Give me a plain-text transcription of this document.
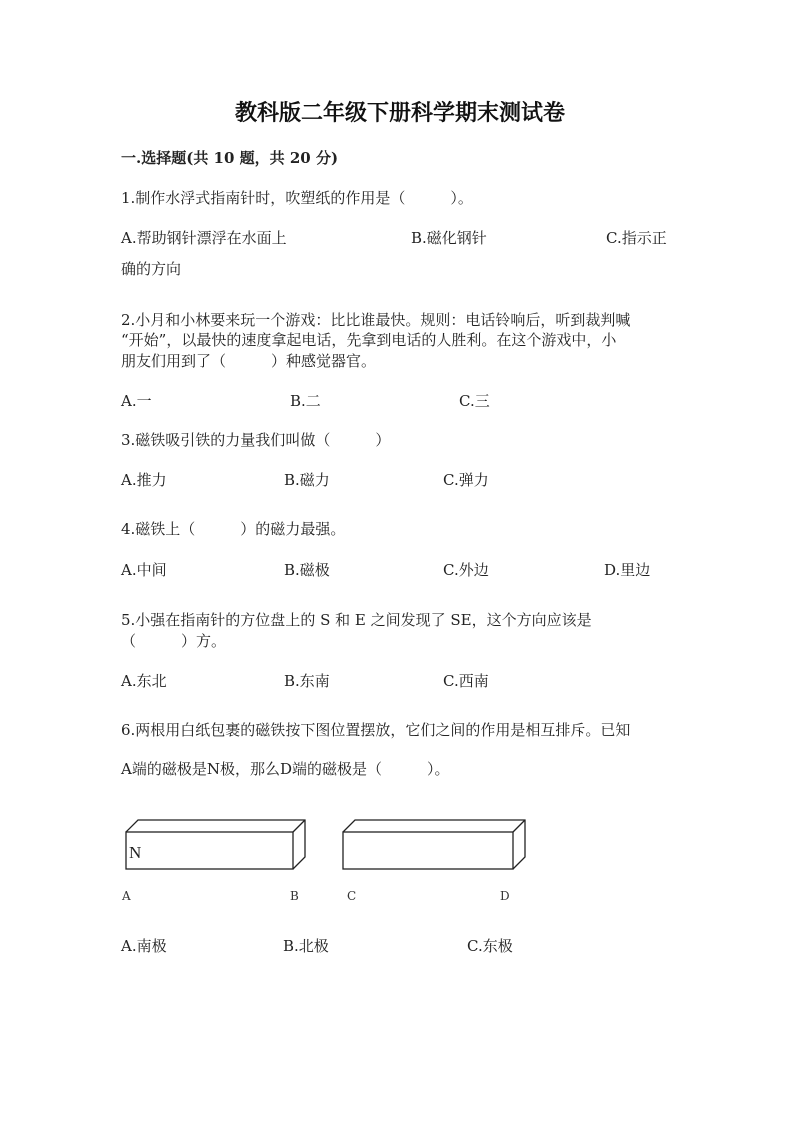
教科版二年级下册科学期末测试卷
一.选择题(共 10 题，共 20 分)
1.制作水浮式指南针时，吹塑纸的作用是（　　　）。
A.帮助钢针漂浮在水面上	B.磁化钢针	C.指示正
确的方向
2.小月和小林要来玩一个游戏：比比谁最快。规则：电话铃响后，听到裁判喊
“开始”，以最快的速度拿起电话，先拿到电话的人胜利。在这个游戏中，小
朋友们用到了（　　　）种感觉器官。
A.一	B.二	C.三
3.磁铁吸引铁的力量我们叫做（　　　）
A.推力	B.磁力	C.弹力
4.磁铁上（　　　）的磁力最强。
A.中间	B.磁极	C.外边	D.里边
5.小强在指南针的方位盘上的 S 和 E 之间发现了 SE，这个方向应该是
（　　　）方。
A.东北	B.东南	C.西南
6.两根用白纸包裹的磁铁按下图位置摆放，它们之间的作用是相互排斥。已知
A端的磁极是N极，那么D端的磁极是（　　　）。
N
A	B	C	D
A.南极	B.北极	C.东极
